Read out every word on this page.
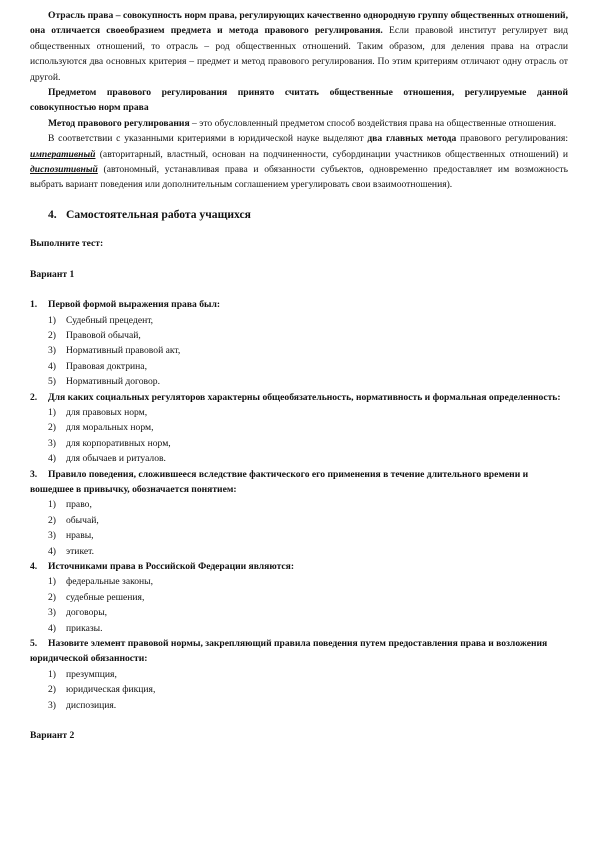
Отрасль права – совокупность норм права, регулирующих качественно однородную группу общественных отношений, она отличается своеобразием предмета и метода правового регулирования. Если правовой институт регулирует вид общественных отношений, то отрасль – род общественных отношений. Таким образом, для деления права на отрасли используются два основных критерия – предмет и метод правового регулирования. По этим критериям отличают одну отрасль от другой.

Предметом правового регулирования принято считать общественные отношения, регулируемые данной совокупностью норм права

Метод правового регулирования – это обусловленный предметом способ воздействия права на общественные отношения.

В соответствии с указанными критериями в юридической науке выделяют два главных метода правового регулирования: императивный (авторитарный, властный, основан на подчиненности, субординации участников общественных отношений) и диспозитивный (автономный, устанавливая права и обязанности субъектов, одновременно предоставляет им возможность выбрать вариант поведения или дополнительным соглашением урегулировать свои взаимоотношения).

4. Самостоятельная работа учащихся

Выполните тест:

Вариант 1

1. Первой формой выражения права был:

1) Судебный прецедент,
2) Правовой обычай,
3) Нормативный правовой акт,
4) Правовая доктрина,
5) Нормативный договор.

2. Для каких социальных регуляторов характерны общеобязательность, нормативность и формальная определенность:

1) для правовых норм,
2) для моральных норм,
3) для корпоративных норм,
4) для обычаев и ритуалов.

3. Правило поведения, сложившееся вследствие фактического его применения в течение длительного времени и вошедшее в привычку, обозначается понятием:

1) право,
2) обычай,
3) нравы,
4) этикет.

4. Источниками права в Российской Федерации являются:

1) федеральные законы,
2) судебные решения,
3) договоры,
4) приказы.

5. Назовите элемент правовой нормы, закрепляющий правила поведения путем предоставления права и возложения юридической обязанности:

1) презумпция,
2) юридическая фикция,
3) диспозиция.

Вариант 2
